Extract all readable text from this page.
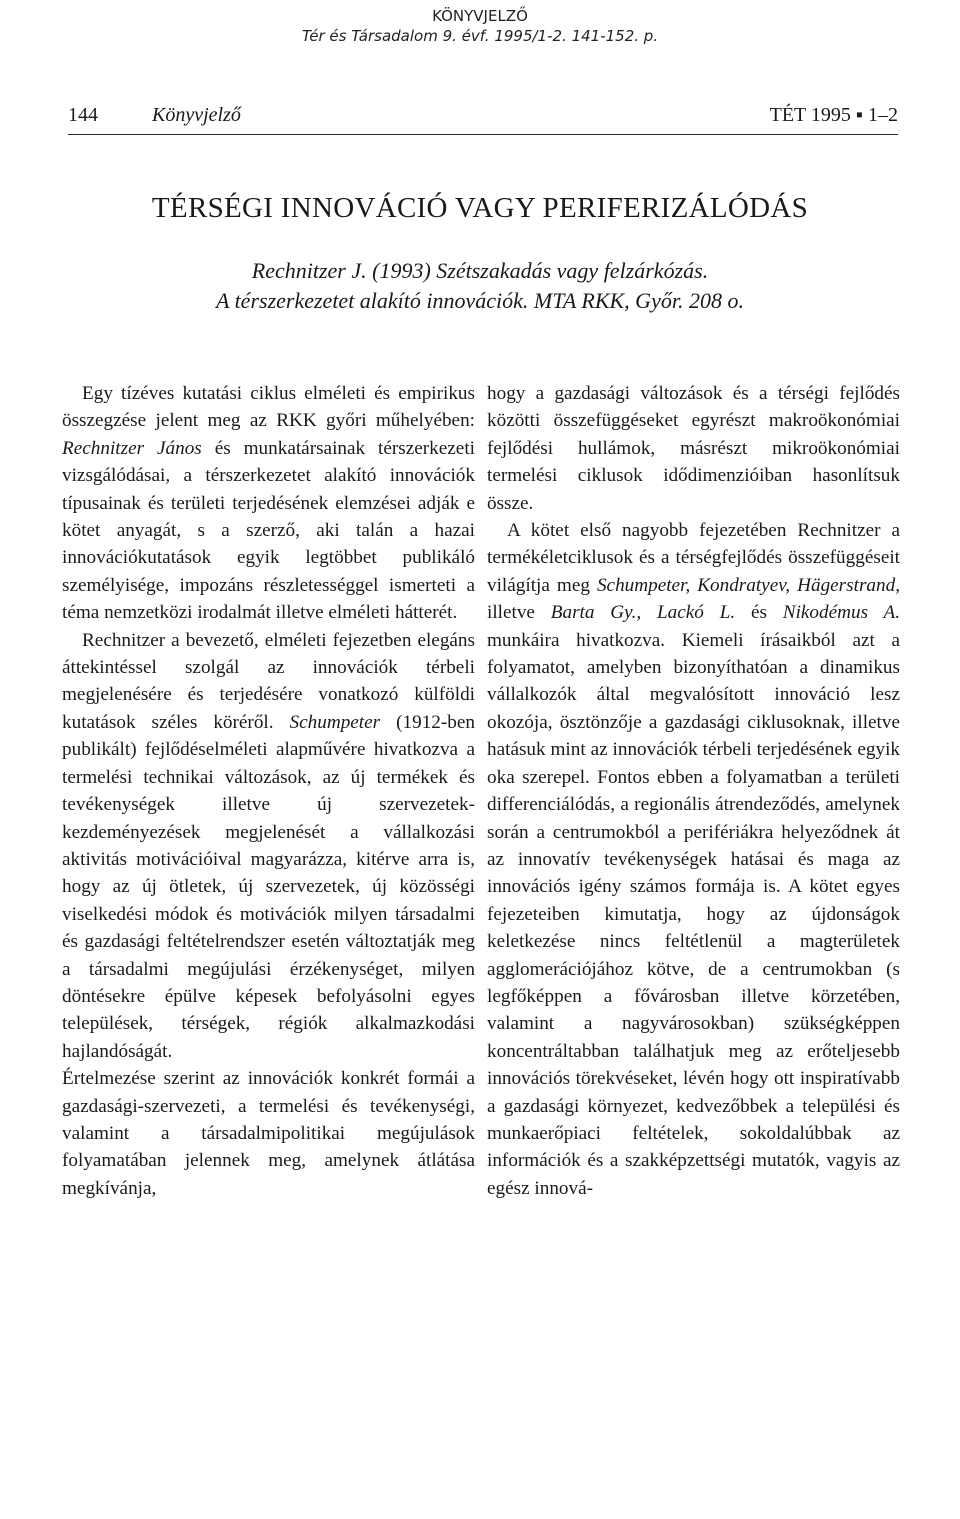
KÖNYVJELZŐ
Tér és Társadalom 9. évf. 1995/1-2. 141-152. p.
144	Könyvjelző	TÉT 1995 ▪ 1–2
TÉRSÉGI INNOVÁCIÓ VAGY PERIFERIZÁLÓDÁS
Rechnitzer J. (1993) Szétszakadás vagy felzárkózás.
A térszerkezetet alakító innovációk. MTA RKK, Győr. 208 o.

Egy tízéves kutatási ciklus elméleti és empirikus összegzése jelent meg az RKK győri műhelyében: Rechnitzer János és munkatársainak térszerkezeti vizsgálódásai, a térszerkezetet alakító innovációk típusainak és területi terjedésének elemzései adják e kötet anyagát, s a szerző, aki talán a hazai innovációkutatások egyik legtöbbet publikáló személyisége, impozáns részletességgel ismerteti a téma nemzetközi irodalmát illetve elméleti hátterét.

Rechnitzer a bevezető, elméleti fejezetben elegáns áttekintéssel szolgál az innovációk térbeli megjelenésére és terjedésére vonatkozó külföldi kutatások széles köréről. Schumpeter (1912-ben publikált) fejlődéselméleti alapművére hivatkozva a termelési technikai változások, az új termékek és tevékenységek illetve új szervezetek-kezdeményezések megjelenését a vállalkozási aktivitás motivációival magyarázza, kitérve arra is, hogy az új ötletek, új szervezetek, új közösségi viselkedési módok és motivációk milyen társadalmi és gazdasági feltételrendszer esetén változtatják meg a társadalmi megújulási érzékenységet, milyen döntésekre épülve képesek befolyásolni egyes települések, térségek, régiók alkalmazkodási hajlandóságát.

Értelmezése szerint az innovációk konkrét formái a gazdasági-szervezeti, a termelési és tevékenységi, valamint a társadalmipolitikai megújulások folyamatában jelennek meg, amelynek átlátása megkívánja,

hogy a gazdasági változások és a térségi fejlődés közötti összefüggéseket egyrészt makroökonómiai fejlődési hullámok, másrészt mikroökonómiai termelési ciklusok idődimenzióiban hasonlítsuk össze.

A kötet első nagyobb fejezetében Rechnitzer a termékéletciklusok és a térségfejlődés összefüggéseit világítja meg Schumpeter, Kondratyev, Hägerstrand, illetve Barta Gy., Lackó L. és Nikodémus A. munkáira hivatkozva. Kiemeli írásaikból azt a folyamatot, amelyben bizonyíthatóan a dinamikus vállalkozók által megvalósított innováció lesz okozója, ösztönzője a gazdasági ciklusoknak, illetve hatásuk mint az innovációk térbeli terjedésének egyik oka szerepel. Fontos ebben a folyamatban a területi differenciálódás, a regionális átrendeződés, amelynek során a centrumokból a perifériákra helyeződnek át az innovatív tevékenységek hatásai és maga az innovációs igény számos formája is. A kötet egyes fejezeteiben kimutatja, hogy az újdonságok keletkezése nincs feltétlenül a magterületek agglomerációjához kötve, de a centrumokban (s legfőképpen a fővárosban illetve körzetében, valamint a nagyvárosokban) szükségképpen koncentráltabban találhatjuk meg az erőteljesebb innovációs törekvéseket, lévén hogy ott inspiratívabb a gazdasági környezet, kedvezőbbek a települési és munkaerőpiaci feltételek, sokoldalúbbak az információk és a szakképzettségi mutatók, vagyis az egész innová-
